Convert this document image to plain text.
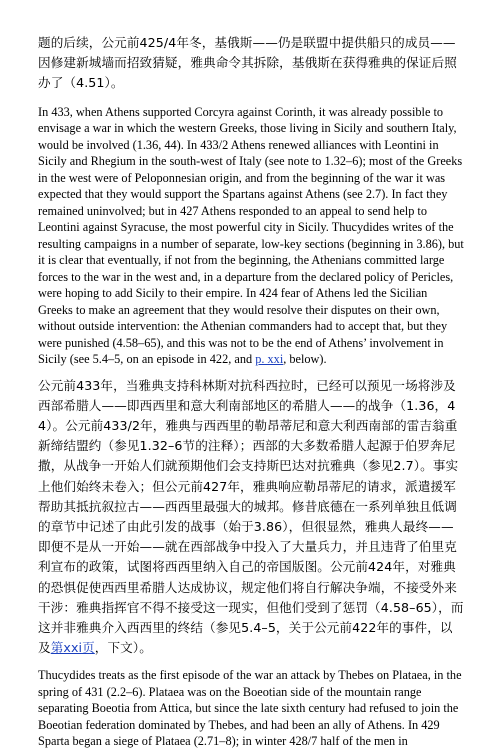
题的后续，公元前425/4年冬，基俄斯——仍是联盟中提供船只的成员——因修建新城墙而招致猜疑，雅典命令其拆除，基俄斯在获得雅典的保证后照办了（4.51）。

In 433, when Athens supported Corcyra against Corinth, it was already possible to envisage a war in which the western Greeks, those living in Sicily and southern Italy, would be involved (1.36, 44). In 433/2 Athens renewed alliances with Leontini in Sicily and Rhegium in the south-west of Italy (see note to 1.32–6); most of the Greeks in the west were of Peloponnesian origin, and from the beginning of the war it was expected that they would support the Spartans against Athens (see 2.7). In fact they remained uninvolved; but in 427 Athens responded to an appeal to send help to Leontini against Syracuse, the most powerful city in Sicily. Thucydides writes of the resulting campaigns in a number of separate, low-key sections (beginning in 3.86), but it is clear that eventually, if not from the beginning, the Athenians committed large forces to the war in the west and, in a departure from the declared policy of Pericles, were hoping to add Sicily to their empire. In 424 fear of Athens led the Sicilian Greeks to make an agreement that they would resolve their disputes on their own, without outside intervention: the Athenian commanders had to accept that, but they were punished (4.58–65), and this was not to be the end of Athens’ involvement in Sicily (see 5.4–5, on an episode in 422, and p. xxi, below).

公元前433年，当雅典支持科林斯对抗科西拉时，已经可以预见一场将涉及西部希腊人——即西西里和意大利南部地区的希腊人——的战争（1.36，44）。公元前433/2年，雅典与西西里的勒昂蒂尼和意大利西南部的雷吉翁重新缔结盟约（参见1.32–6节的注释）；西部的大多数希腊人起源于伯罗奔尼撒，从战争一开始人们就预期他们会支持斯巴达对抗雅典（参见2.7）。事实上他们始终未卷入；但公元前427年，雅典响应勒昂蒂尼的请求，派遣援军帮助其抵抗叙拉古——西西里最强大的城邦。修昔底德在一系列单独且低调的章节中记述了由此引发的战事（始于3.86），但很显然，雅典人最终——即便不是从一开始——就在西部战争中投入了大量兵力，并且违背了伯里克利宣布的政策，试图将西西里纳入自己的帝国版图。公元前424年，对雅典的恐惧促使西西里希腊人达成协议，规定他们将自行解决争端，不接受外来干涉：雅典指挥官不得不接受这一现实，但他们受到了惩罚（4.58–65），而这并非雅典介入西西里的终结（参见5.4–5，关于公元前422年的事件，以及第xxi页，下文）。

Thucydides treats as the first episode of the war an attack by Thebes on Plataea, in the spring of 431 (2.2–6). Plataea was on the Boeotian side of the mountain range separating Boeotia from Attica, but since the late sixth century had refused to join the Boeotian federation dominated by Thebes, and had been an ally of Athens. In 429 Sparta began a siege of Plataea (2.71–8); in winter 428/7 half of the men in
